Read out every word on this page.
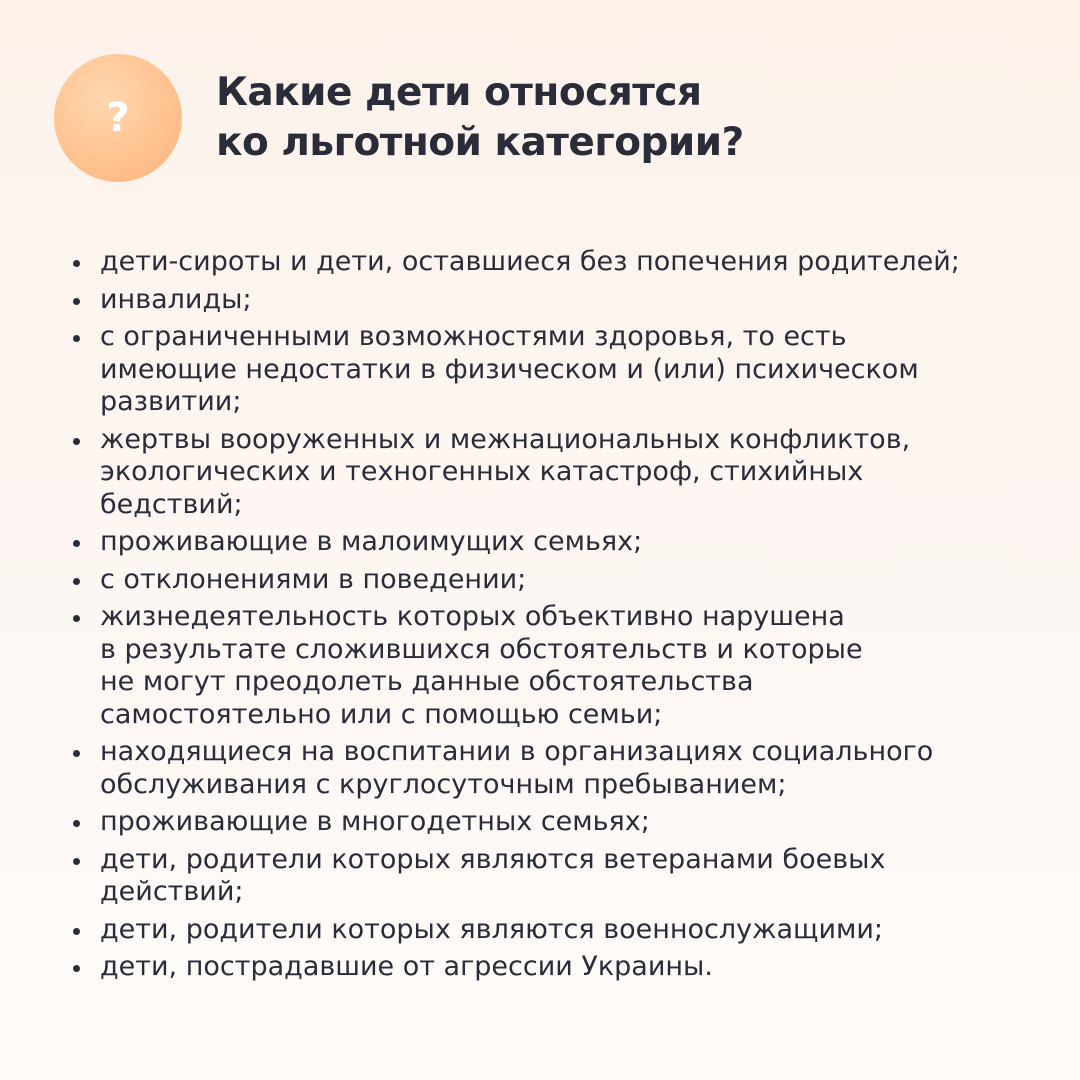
?
Какие дети относятся
ко льготной категории?
дети-сироты и дети, оставшиеся без попечения родителей;
инвалиды;
с ограниченными возможностями здоровья, то есть
имеющие недостатки в физическом и (или) психическом
развитии;
жертвы вооруженных и межнациональных конфликтов,
экологических и техногенных катастроф, стихийных
бедствий;
проживающие в малоимущих семьях;
с отклонениями в поведении;
жизнедеятельность которых объективно нарушена
в результате сложившихся обстоятельств и которые
не могут преодолеть данные обстоятельства
самостоятельно или с помощью семьи;
находящиеся на воспитании в организациях социального
обслуживания с круглосуточным пребыванием;
проживающие в многодетных семьях;
дети, родители которых являются ветеранами боевых
действий;
дети, родители которых являются военнослужащими;
дети, пострадавшие от агрессии Украины.
